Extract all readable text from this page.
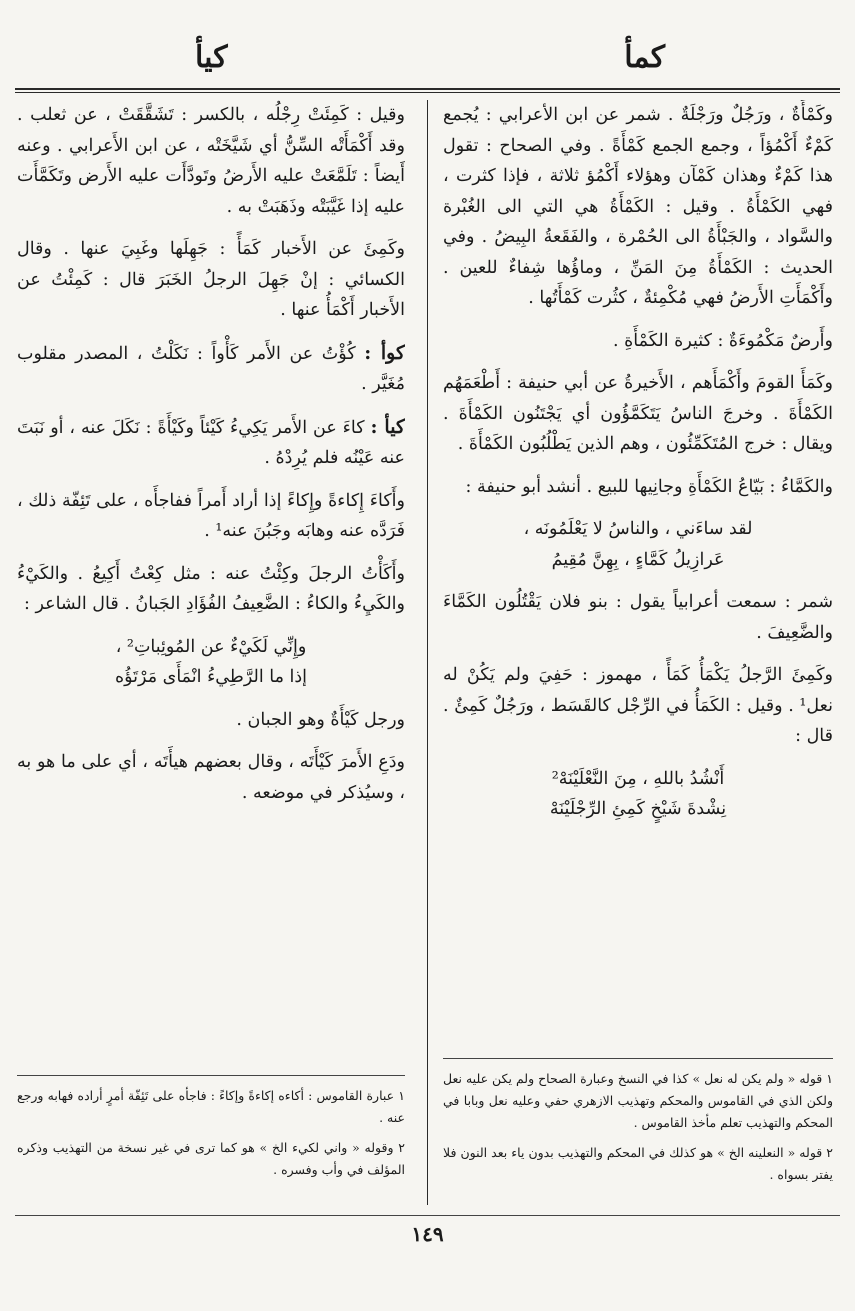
كمأ
كيأ

وكَمْأَةٌ ، ورَجُلٌ ورَجْلَةٌ . شمر عن ابن الأعرابي : يُجمع كَمْءٌ أَكْمُؤاً ، وجمع الجمع كَمْأَةً . وفي الصحاح : تقول هذا كَمْءٌ وهذان كَمْآن وهؤلاء أَكْمُؤ ثلاثة ، فإذا كثرت ، فهي الكَمْأَةُ . وقيل : الكَمْأَةُ هي التي الى الغُبْرة والسَّواد ، والجَبْأَةُ الى الحُمْرة ، والفَقَعةُ البِيضُ . وفي الحديث : الكَمْأَةُ مِنَ المَنِّ ، وماؤُها شِفاءٌ للعين . وأَكْمَأَتِ الأَرضُ فهي مُكْمِئةٌ ، كثُرت كَمْأَتُها .

وأَرضٌ مَكْمُوءَةٌ : كثيرة الكَمْأَةِ .

وكَمَأَ القومَ وأَكْمَأَهم ، الأَخيرةُ عن أبي حنيفة : أَطْعَمَهُم الكَمْأَةَ . وخرجَ الناسُ يَتَكَمَّؤُون أي يَجْتَنُون الكَمْأَةَ . ويقال : خرج المُتَكَمِّئُون ، وهم الذين يَطْلُبُون الكَمْأَةَ .

والكَمَّاءُ : بَيّاعُ الكَمْأَةِ وجانِيها للبيع . أنشد أبو حنيفة :

لقد ساءَني ، والناسُ لا يَعْلَمُونَه ،
عَرازِيلُ كَمَّاءٍ ، بِهِنَّ مُقِيمُ

شمر : سمعت أعرابياً يقول : بنو فلان يَقْتُلُون الكَمَّاءَ والضَّعِيفَ .

وكَمِئَ الرَّجلُ يَكْمَأُ كَمَأً ، مهموز : حَفِيَ ولم يَكُنْ له نعل¹ . وقيل : الكَمَأُ في الرِّجْل كالقَسَط ، ورَجُلٌ كَمِئٌ . قال :

أَنْشُدُ باللهِ ، مِنَ النَّعْلَيْنَهْ²
نِشْدةَ شَيْخٍ كَمِئِ الرِّجْلَيْنَهْ

وقيل : كَمِئَتْ رِجْلُه ، بالكسر : تَشَقَّقَتْ ، عن ثعلب . وقد أَكْمَأَتْه السِّنُّ أي شَيَّخَتْه ، عن ابن الأَعرابي . وعنه أَيضاً : تَلَمَّعَتْ عليه الأَرضُ وتَودَّأَت عليه الأَرض وتَكَمَّأَت عليه إذا غَيَّبَتْه وذَهَبَتْ به .

وكَمِئَ عن الأَخبار كَمَأً : جَهِلَها وغَبِيَ عنها . وقال الكسائي : إنْ جَهِلَ الرجلُ الخَبَرَ قال : كَمِئْتُ عن الأَخبار أَكْمَأُ عنها .

كوأ : كُؤْتُ عن الأَمر كَأْواً : نَكَلْتُ ، المصدر مقلوب مُغَيَّر .

كيأ : كاءَ عن الأَمر يَكِيءُ كَيْئاً وكَيْأَةً : نَكَلَ عنه ، أو نَبَتَ عنه عَيْنُه فلم يُرِدْهُ .

وأَكاءَ إِكاءةً وإِكاءً إذا أراد أَمراً ففاجأَه ، على تَئِفّة ذلك ، فَرَدَّه عنه وهابَه وجَبُنَ عنه¹ .

وأَكَأْتُ الرجلَ وكِئْتُ عنه : مثل كِعْتُ أَكِيعُ . والكَيْءُ والكَيِءُ والكاءُ : الضَّعِيفُ الفُؤَادِ الجَبانُ . قال الشاعر :

وإِنِّي لَكَيْءٌ عن المُوئِباتِ² ،
إذا ما الرَّطِيءُ انْمَأَى مَرْتَؤُه

ورجل كَيْأَةٌ وهو الجبان .

ودَعِ الأَمرَ كَيْأَتَه ، وقال بعضهم هيأَتَه ، أي على ما هو به ، وسيُذكر في موضعه .

١ قوله « ولم يكن له نعل » كذا في النسخ وعبارة الصحاح ولم يكن عليه نعل ولكن الذي في القاموس والمحكم وتهذيب الازهري حفي وعليه نعل وبابا في المحكم والتهذيب تعلم مأخذ القاموس .
٢ قوله « النعلينه الخ » هو كذلك في المحكم والتهذيب بدون ياء بعد النون فلا يفتر بسواه .
١ عبارة القاموس : أكاءه إكاءةً وإكاءً : فاجأه على تَئِفّة أمرٍ أراده فهابه ورجع عنه .
٢ وقوله « واني لكيء الخ » هو كما ترى في غير نسخة من التهذيب وذكره المؤلف في وأب وفسره .
١٤٩
